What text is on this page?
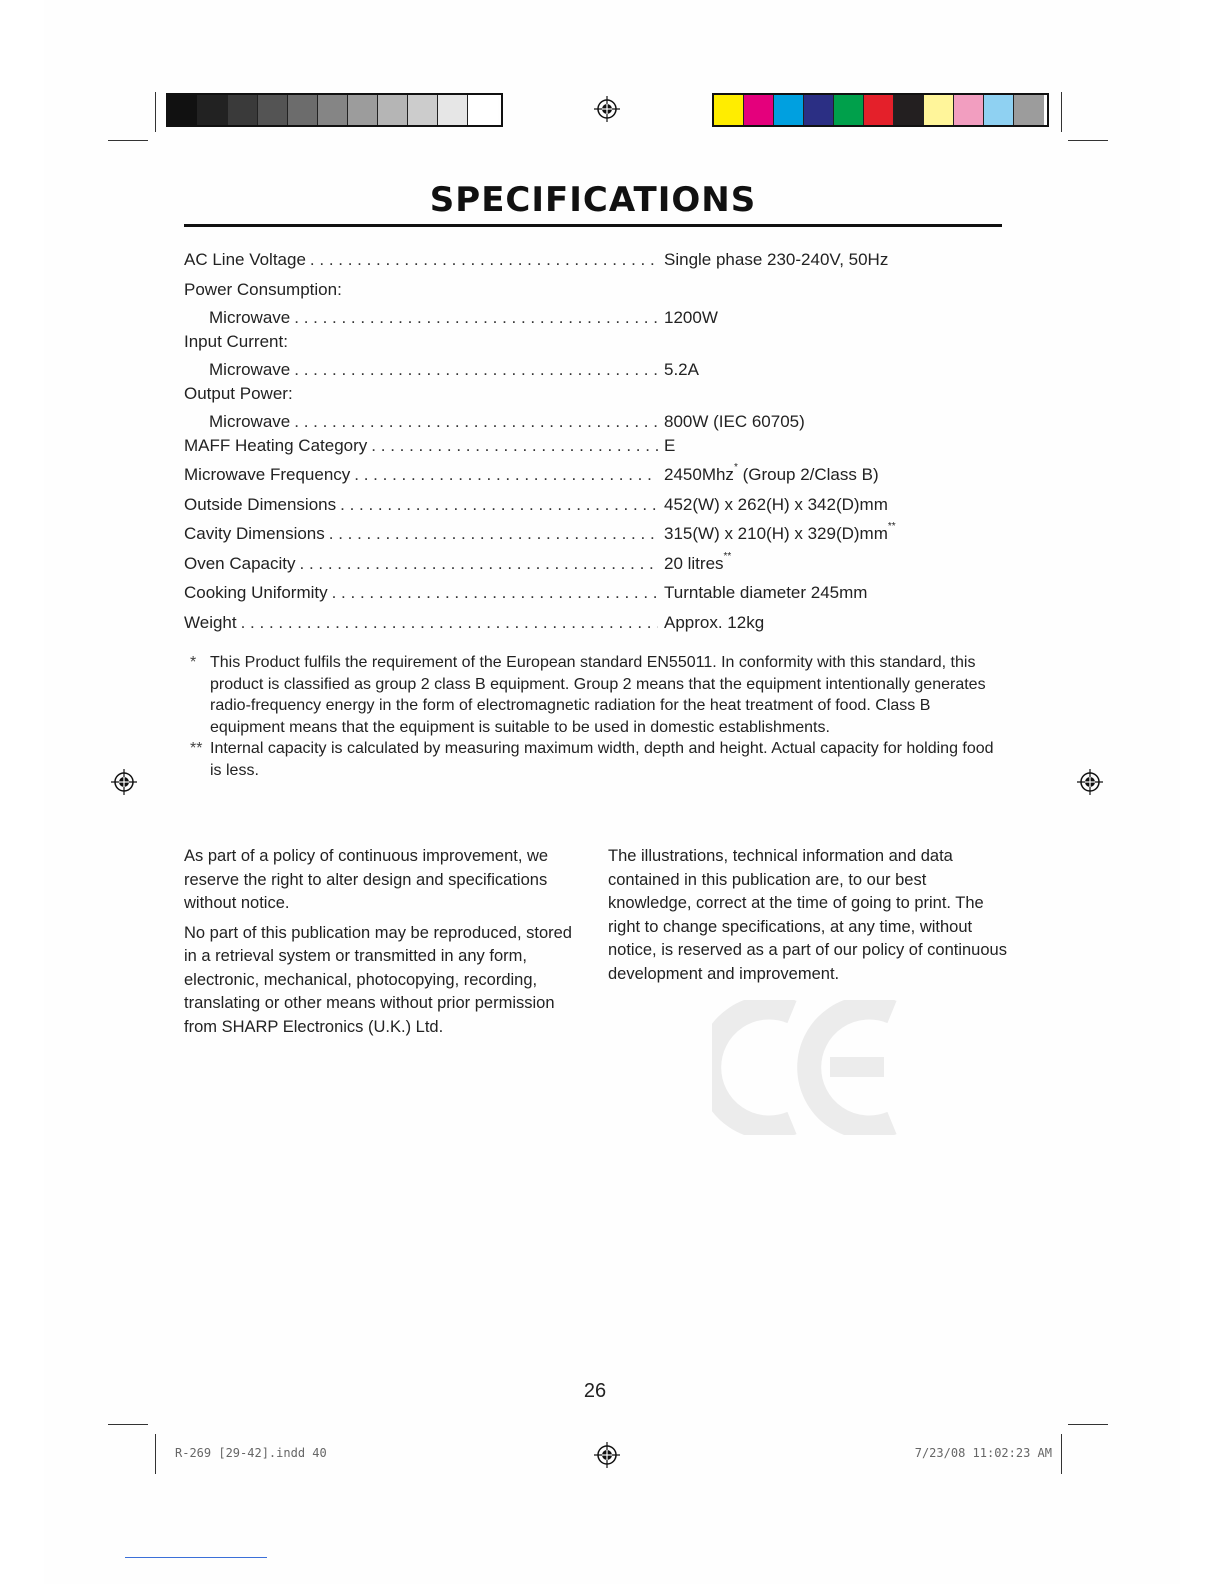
SPECIFICATIONS
AC Line Voltage . . .	Single phase 230-240V, 50Hz
Power Consumption:
Microwave . . .	1200W
Input Current:
Microwave . . .	5.2A
Output Power:
Microwave . . .	800W (IEC 60705)
MAFF Heating Category . . .	E
Microwave Frequency . . .	2450Mhz* (Group 2/Class B)
Outside Dimensions . . .	452(W) x 262(H) x 342(D)mm
Cavity Dimensions . . .	315(W) x 210(H) x 329(D)mm**
Oven Capacity . . .	20 litres**
Cooking Uniformity . . .	Turntable diameter 245mm
Weight . . .	Approx. 12kg
* This Product fulfils the requirement of the European standard EN55011. In conformity with this standard, this product is classified as group 2 class B equipment. Group 2 means that the equipment intentionally generates radio-frequency energy in the form of electromagnetic radiation for the heat treatment of food. Class B equipment means that the equipment is suitable to be used in domestic establishments.
** Internal capacity is calculated by measuring maximum width, depth and height. Actual capacity for holding food is less.

As part of a policy of continuous improvement, we reserve the right to alter design and specifications without notice.

No part of this publication may be reproduced, stored in a retrieval system or transmitted in any form, electronic, mechanical, photocopying, recording, translating or other means without prior permission from SHARP Electronics (U.K.) Ltd.

The illustrations, technical information and data contained in this publication are, to our best knowledge, correct at the time of going to print. The right to change specifications, at any time, without notice, is reserved as a part of our policy of continuous development and improvement.

26
R-269 [29-42].indd 40	7/23/08 11:02:23 AM
